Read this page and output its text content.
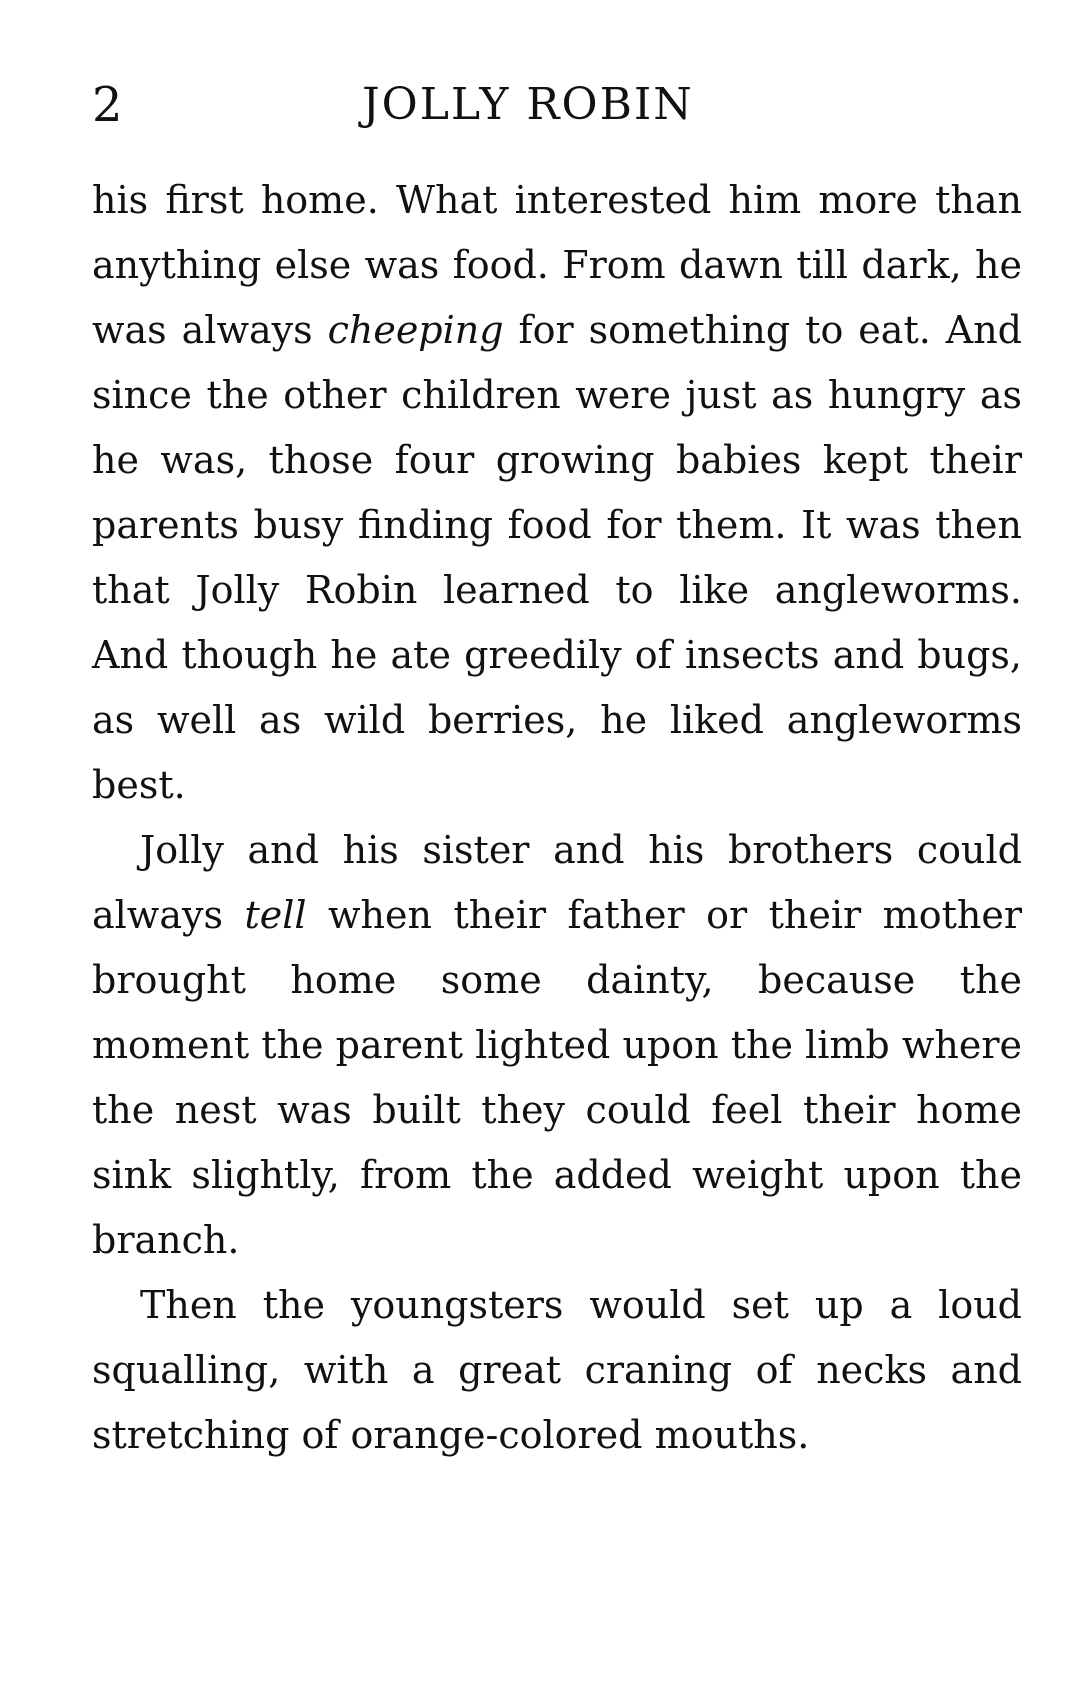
2	JOLLY ROBIN

his first home. What interested him more than anything else was food. From dawn till dark, he was always cheeping for something to eat. And since the other children were just as hungry as he was, those four growing babies kept their parents busy finding food for them. It was then that Jolly Robin learned to like angleworms. And though he ate greedily of insects and bugs, as well as wild berries, he liked angleworms best.

Jolly and his sister and his brothers could always tell when their father or their mother brought home some dainty, because the moment the parent lighted upon the limb where the nest was built they could feel their home sink slightly, from the added weight upon the branch.

Then the youngsters would set up a loud squalling, with a great craning of necks and stretching of orange-colored mouths.
